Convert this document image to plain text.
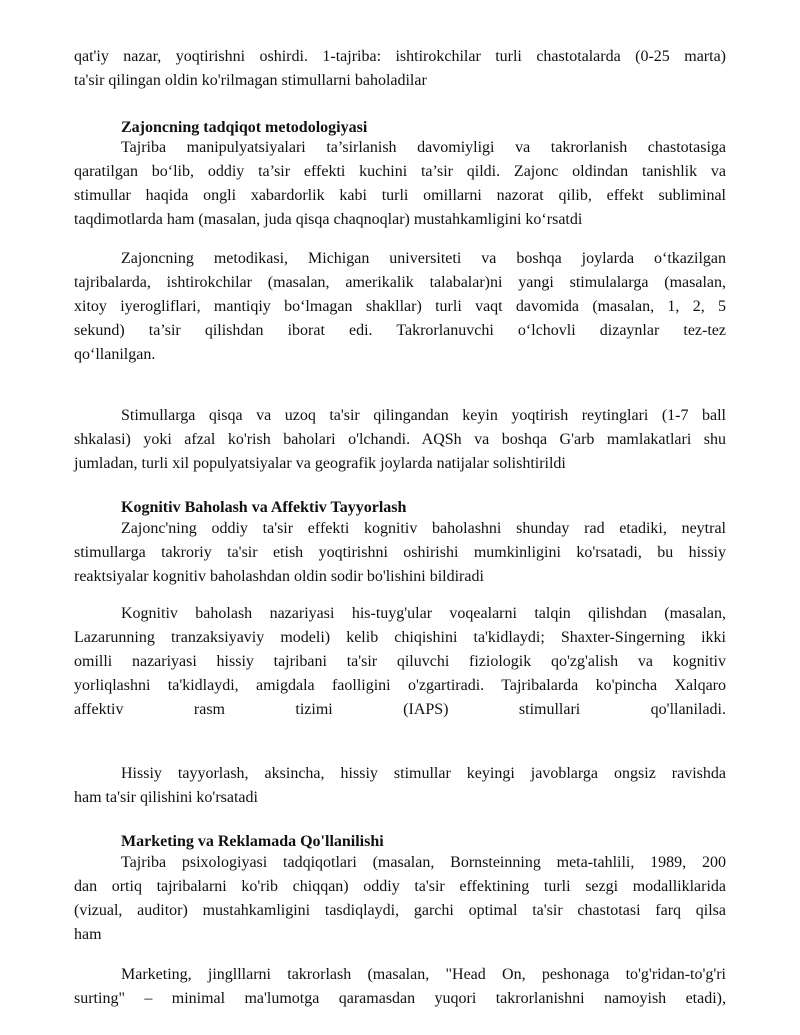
qat'iy nazar, yoqtirishni oshirdi. 1-tajriba: ishtirokchilar turli chastotalarda (0-25 marta)
ta'sir qilingan oldin ko'rilmagan stimullarni baholadilar
Zajoncning tadqiqot metodologiyasi
Tajriba manipulyatsiyalari ta’sirlanish davomiyligi va takrorlanish chastotasiga
qaratilgan bo‘lib, oddiy ta’sir effekti kuchini ta’sir qildi. Zajonc oldindan tanishlik va
stimullar haqida ongli xabardorlik kabi turli omillarni nazorat qilib, effekt subliminal
taqdimotlarda ham (masalan, juda qisqa chaqnoqlar) mustahkamligini ko‘rsatdi
Zajoncning metodikasi, Michigan universiteti va boshqa joylarda o‘tkazilgan
tajribalarda, ishtirokchilar (masalan, amerikalik talabalar)ni yangi stimulalarga (masalan,
xitoy iyerogliflari, mantiqiy bo‘lmagan shakllar) turli vaqt davomida (masalan, 1, 2, 5
sekund) ta’sir qilishdan iborat edi. Takrorlanuvchi o‘lchovli dizaynlar tez-tez
qo‘llanilgan.
Stimullarga qisqa va uzoq ta'sir qilingandan keyin yoqtirish reytinglari (1-7 ball
shkalasi) yoki afzal ko'rish baholari o'lchandi. AQSh va boshqa G'arb mamlakatlari shu
jumladan, turli xil populyatsiyalar va geografik joylarda natijalar solishtirildi
Kognitiv Baholash va Affektiv Tayyorlash
Zajonc'ning oddiy ta'sir effekti kognitiv baholashni shunday rad etadiki, neytral
stimullarga takroriy ta'sir etish yoqtirishni oshirishi mumkinligini ko'rsatadi, bu hissiy
reaktsiyalar kognitiv baholashdan oldin sodir bo'lishini bildiradi
Kognitiv baholash nazariyasi his-tuyg'ular voqealarni talqin qilishdan (masalan,
Lazarunning tranzaksiyaviy modeli) kelib chiqishini ta'kidlaydi; Shaxter-Singerning ikki
omilli nazariyasi hissiy tajribani ta'sir qiluvchi fiziologik qo'zg'alish va kognitiv
yorliqlashni ta'kidlaydi, amigdala faolligini o'zgartiradi. Tajribalarda ko'pincha Xalqaro
affektiv rasm tizimi (IAPS) stimullari qo'llaniladi.
Hissiy tayyorlash, aksincha, hissiy stimullar keyingi javoblarga ongsiz ravishda
ham ta'sir qilishini ko'rsatadi
Marketing va Reklamada Qo'llanilishi
Tajriba psixologiyasi tadqiqotlari (masalan, Bornsteinning meta-tahlili, 1989, 200
dan ortiq tajribalarni ko'rib chiqqan) oddiy ta'sir effektining turli sezgi modalliklarida
(vizual, auditor) mustahkamligini tasdiqlaydi, garchi optimal ta'sir chastotasi farq qilsa
ham
Marketing, jinglllarni takrorlash (masalan, "Head On, peshonaga to'g'ridan-to'g'ri
surting" – minimal ma'lumotga qaramasdan yuqori takrorlanishni namoyish etadi),
